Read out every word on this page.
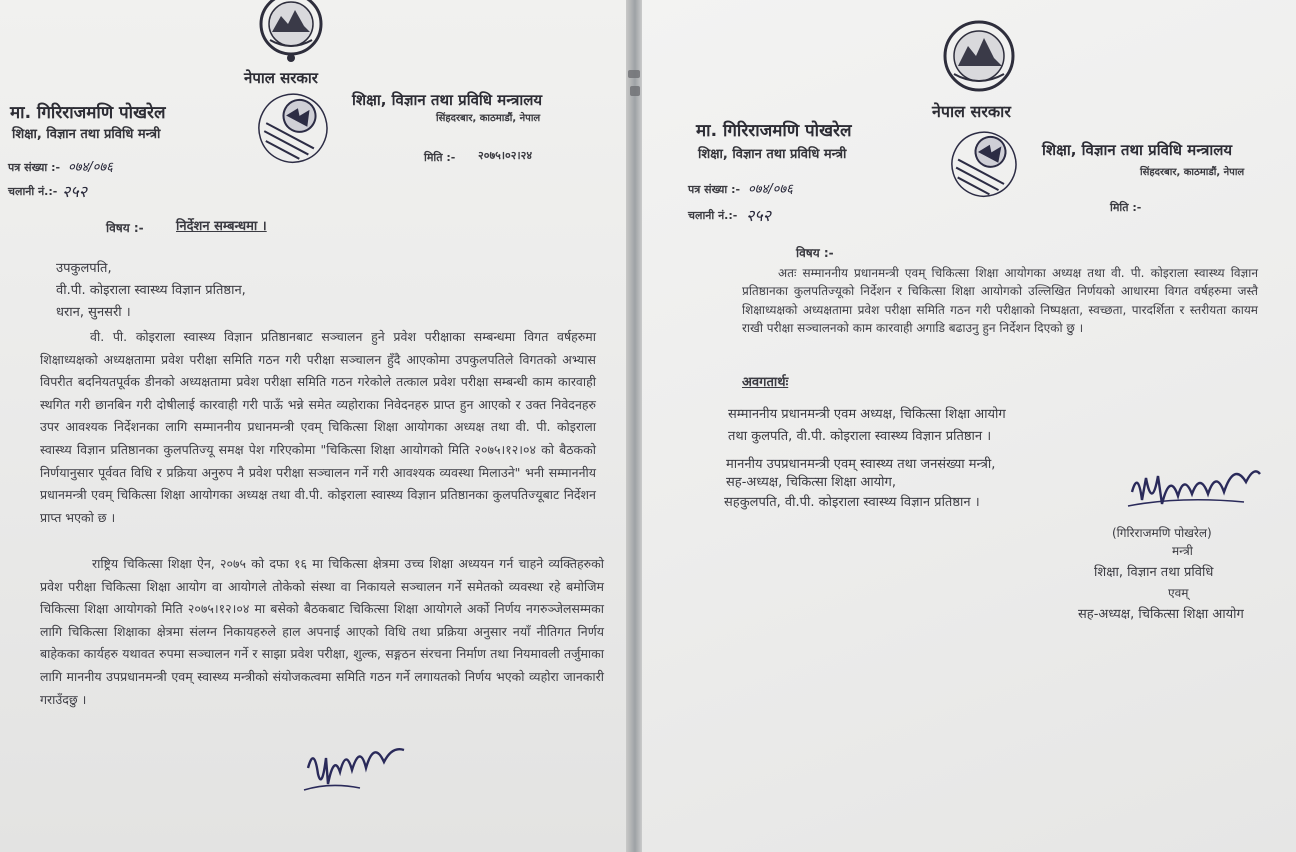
नेपाल सरकार
मा. गिरिराजमणि पोखरेल
शिक्षा, विज्ञान तथा प्रविधि मन्त्री
शिक्षा, विज्ञान तथा प्रविधि मन्त्रालय
सिंहदरबार, काठमाडौं, नेपाल
मिति :- २०७५।०२।२४
पत्र संख्या :- ०७४/०७६
चलानी नं.:- २५२
विषय :- निर्देशन सम्बन्धमा ।
उपकुलपति,
वी.पी. कोइराला स्वास्थ्य विज्ञान प्रतिष्ठान,
धरान, सुनसरी ।
वी. पी. कोइराला स्वास्थ्य विज्ञान प्रतिष्ठानबाट सञ्चालन हुने प्रवेश परीक्षाका सम्बन्धमा विगत वर्षहरुमा शिक्षाध्यक्षको अध्यक्षतामा प्रवेश परीक्षा समिति गठन गरी परीक्षा सञ्चालन हुँदै आएकोमा उपकुलपतिले विगतको अभ्यास विपरीत बदनियतपूर्वक डीनको अध्यक्षतामा प्रवेश परीक्षा समिति गठन गरेकोले तत्काल प्रवेश परीक्षा सम्बन्धी काम कारवाही स्थगित गरी छानबिन गरी दोषीलाई कारवाही गरी पाऊँ भन्ने समेत व्यहोराका निवेदनहरु प्राप्त हुन आएको र उक्त निवेदनहरु उपर आवश्यक निर्देशनका लागि सम्माननीय प्रधानमन्त्री एवम् चिकित्सा शिक्षा आयोगका अध्यक्ष तथा वी. पी. कोइराला स्वास्थ्य विज्ञान प्रतिष्ठानका कुलपतिज्यू समक्ष पेश गरिएकोमा "चिकित्सा शिक्षा आयोगको मिति २०७५।१२।०४ को बैठकको निर्णयानुसार पूर्ववत विधि र प्रक्रिया अनुरुप नै प्रवेश परीक्षा सञ्चालन गर्ने गरी आवश्यक व्यवस्था मिलाउने" भनी सम्माननीय प्रधानमन्त्री एवम् चिकित्सा शिक्षा आयोगका अध्यक्ष तथा वी.पी. कोइराला स्वास्थ्य विज्ञान प्रतिष्ठानका कुलपतिज्यूबाट निर्देशन प्राप्त भएको छ ।
राष्ट्रिय चिकित्सा शिक्षा ऐन, २०७५ को दफा १६ मा चिकित्सा क्षेत्रमा उच्च शिक्षा अध्ययन गर्न चाहने व्यक्तिहरुको प्रवेश परीक्षा चिकित्सा शिक्षा आयोग वा आयोगले तोकेको संस्था वा निकायले सञ्चालन गर्ने समेतको व्यवस्था रहे बमोजिम चिकित्सा शिक्षा आयोगको मिति २०७५।१२।०४ मा बसेको बैठकबाट चिकित्सा शिक्षा आयोगले अर्को निर्णय नगरुञ्जेलसम्मका लागि चिकित्सा शिक्षाका क्षेत्रमा संलग्न निकायहरुले हाल अपनाई आएको विधि तथा प्रक्रिया अनुसार नयाँ नीतिगत निर्णय बाहेकका कार्यहरु यथावत रुपमा सञ्चालन गर्ने र साझा प्रवेश परीक्षा, शुल्क, सङ्गठन संरचना निर्माण तथा नियमावली तर्जुमाका लागि माननीय उपप्रधानमन्त्री एवम् स्वास्थ्य मन्त्रीको संयोजकत्वमा समिति गठन गर्ने लगायतको निर्णय भएको व्यहोरा जानकारी गराउँदछु ।
नेपाल सरकार
मा. गिरिराजमणि पोखरेल
शिक्षा, विज्ञान तथा प्रविधि मन्त्री	शिक्षा, विज्ञान तथा प्रविधि मन्त्रालय
सिंहदरबार, काठमाडौं, नेपाल
मिति :-
पत्र संख्या :- ०७४/०७६
चलानी नं.:- २५२
विषय :-
अतः सम्माननीय प्रधानमन्त्री एवम् चिकित्सा शिक्षा आयोगका अध्यक्ष तथा वी. पी. कोइराला स्वास्थ्य विज्ञान प्रतिष्ठानका कुलपतिज्यूको निर्देशन र चिकित्सा शिक्षा आयोगको उल्लिखित निर्णयको आधारमा विगत वर्षहरुमा जस्तै शिक्षाध्यक्षको अध्यक्षतामा प्रवेश परीक्षा समिति गठन गरी परीक्षाको निष्पक्षता, स्वच्छता, पारदर्शिता र स्तरीयता कायम राखी परीक्षा सञ्चालनको काम कारवाही अगाडि बढाउनु हुन निर्देशन दिएको छु ।
अवगतार्थः
सम्माननीय प्रधानमन्त्री एवम अध्यक्ष, चिकित्सा शिक्षा आयोग
तथा कुलपति, वी.पी. कोइराला स्वास्थ्य विज्ञान प्रतिष्ठान ।
माननीय उपप्रधानमन्त्री एवम् स्वास्थ्य तथा जनसंख्या मन्त्री,
सह-अध्यक्ष, चिकित्सा शिक्षा आयोग,
सहकुलपति, वी.पी. कोइराला स्वास्थ्य विज्ञान प्रतिष्ठान ।
(गिरिराजमणि पोखरेल)
मन्त्री
शिक्षा, विज्ञान तथा प्रविधि
एवम्
सह-अध्यक्ष, चिकित्सा शिक्षा आयोग
